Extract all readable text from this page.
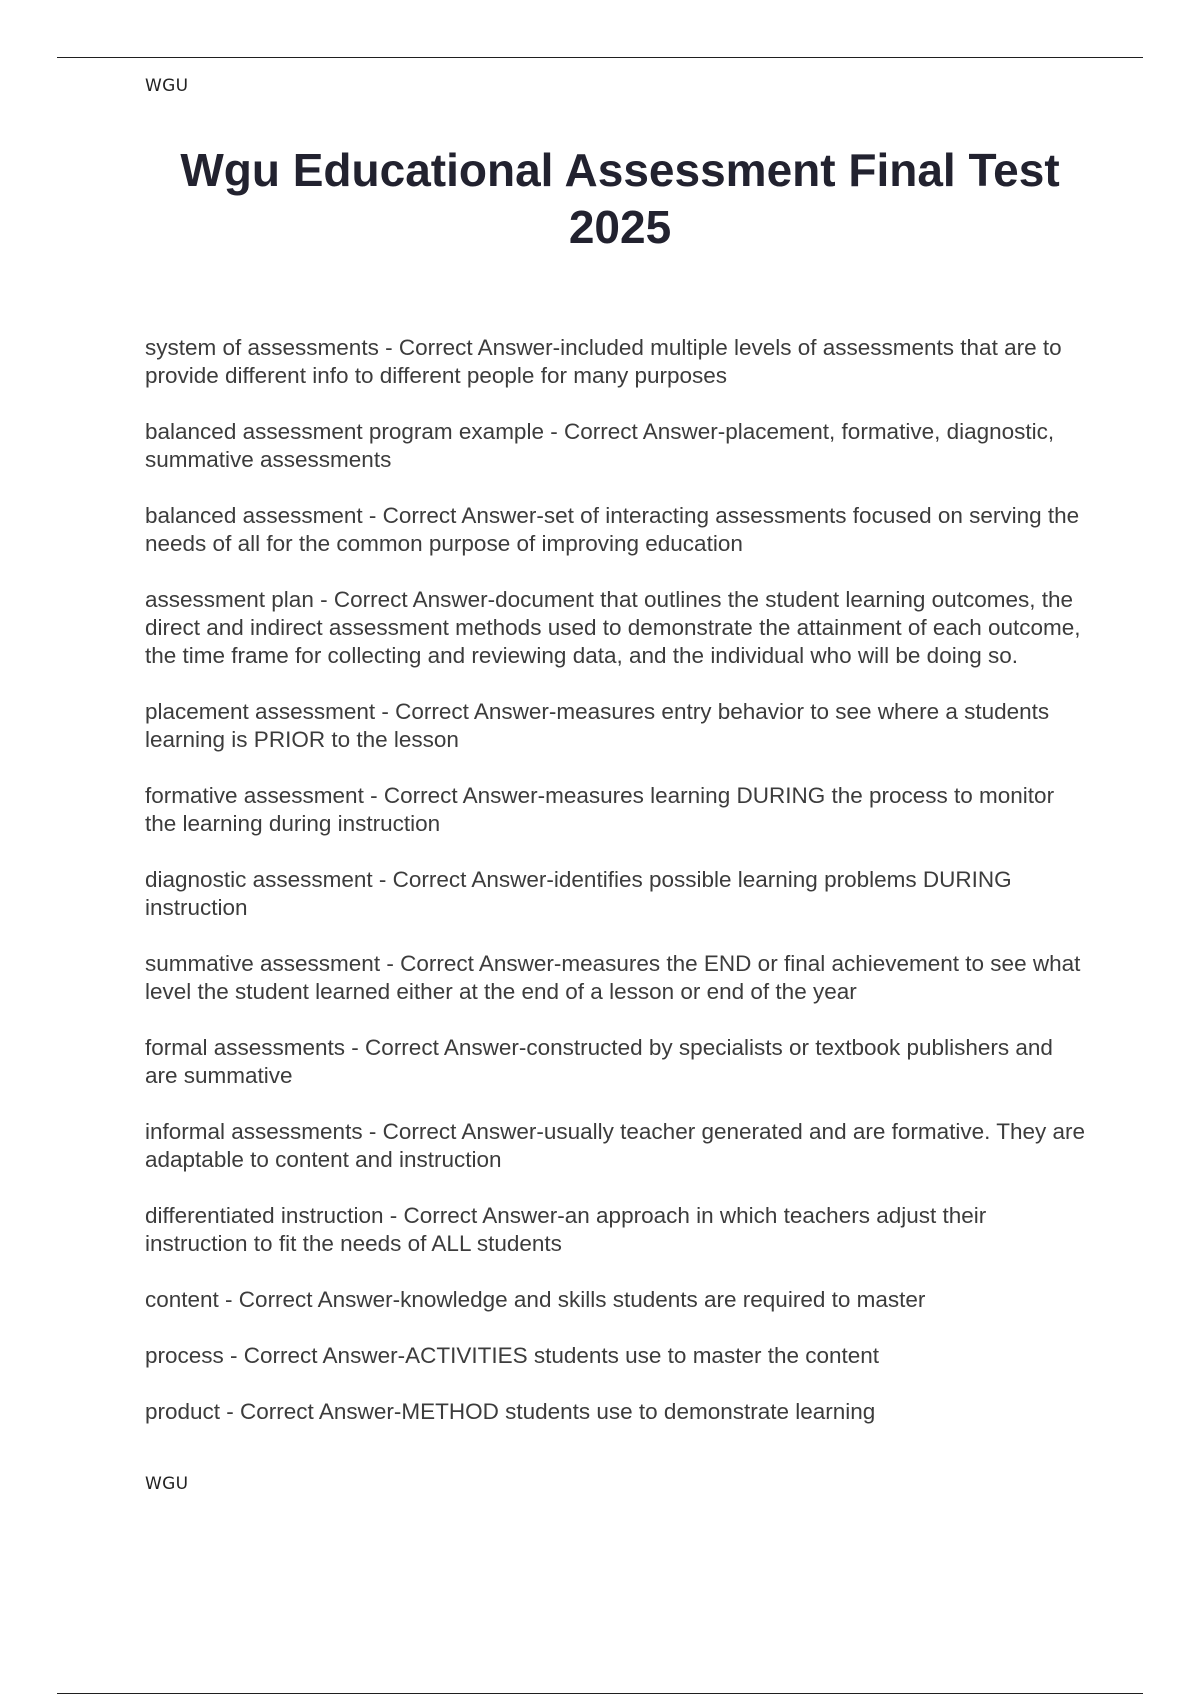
WGU
Wgu Educational Assessment Final Test 2025
system of assessments - Correct Answer-included multiple levels of assessments that are to provide different info to different people for many purposes
balanced assessment program example - Correct Answer-placement, formative, diagnostic, summative assessments
balanced assessment - Correct Answer-set of interacting assessments focused on serving the needs of all for the common purpose of improving education
assessment plan - Correct Answer-document that outlines the student learning outcomes, the direct and indirect assessment methods used to demonstrate the attainment of each outcome, the time frame for collecting and reviewing data, and the individual who will be doing so.
placement assessment - Correct Answer-measures entry behavior to see where a students learning is PRIOR to the lesson
formative assessment - Correct Answer-measures learning DURING the process to monitor the learning during instruction
diagnostic assessment - Correct Answer-identifies possible learning problems DURING instruction
summative assessment - Correct Answer-measures the END or final achievement to see what level the student learned either at the end of a lesson or end of the year
formal assessments - Correct Answer-constructed by specialists or textbook publishers and are summative
informal assessments - Correct Answer-usually teacher generated and are formative. They are adaptable to content and instruction
differentiated instruction - Correct Answer-an approach in which teachers adjust their instruction to fit the needs of ALL students
content - Correct Answer-knowledge and skills students are required to master
process - Correct Answer-ACTIVITIES students use to master the content
product - Correct Answer-METHOD students use to demonstrate learning
WGU
